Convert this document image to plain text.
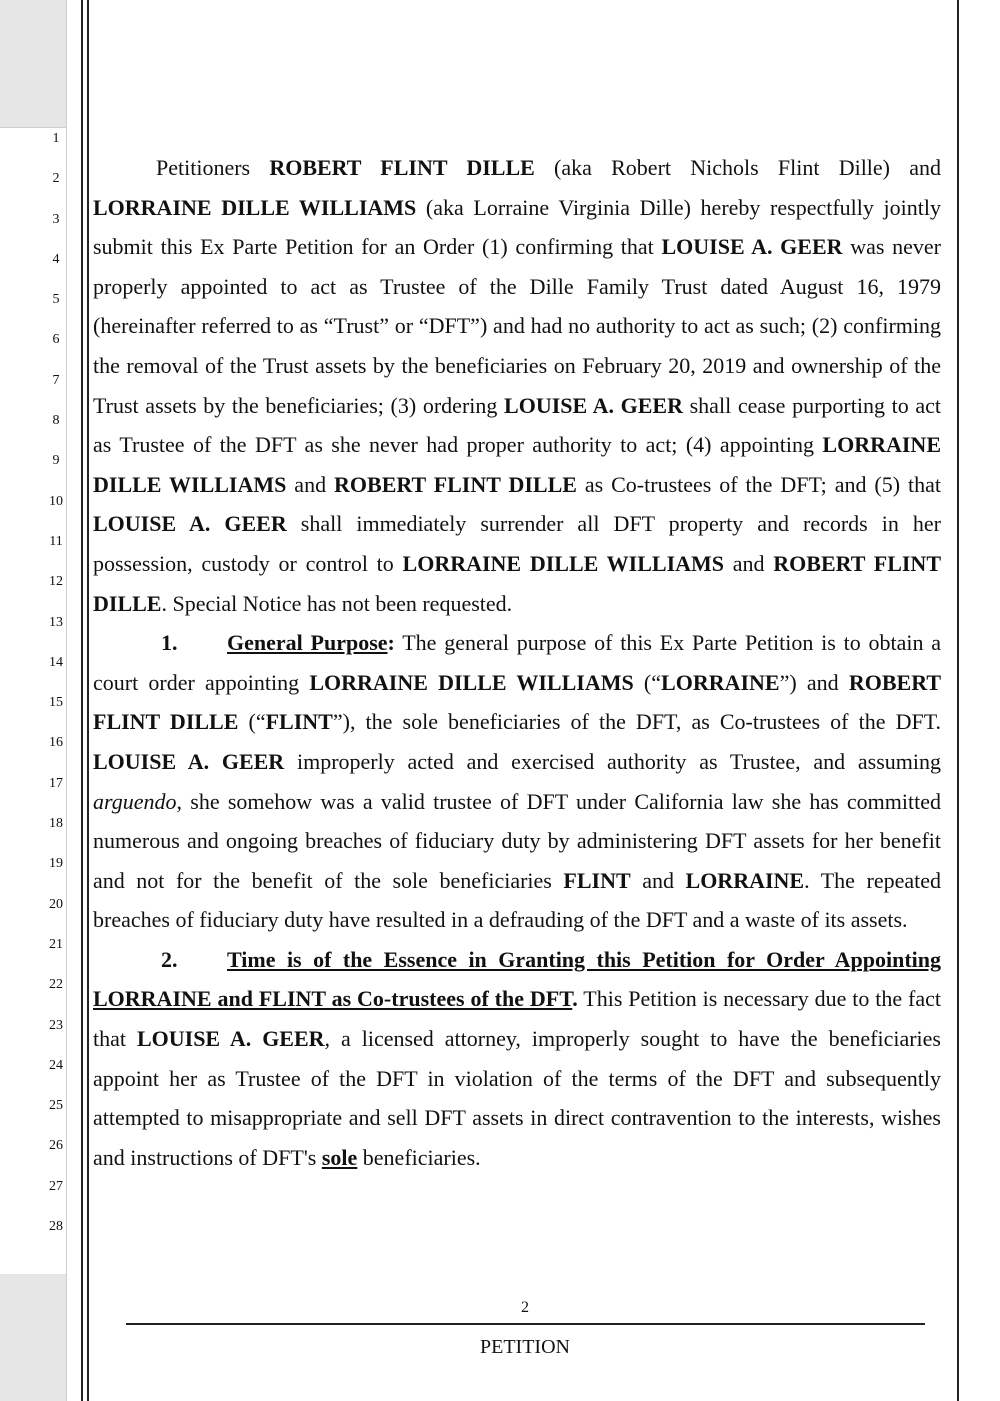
1
2
3
4
5
6
7
8
9
10
11
12
13
14
15
16
17
18
19
20
21
22
23
24
25
26
27
28

Petitioners ROBERT FLINT DILLE (aka Robert Nichols Flint Dille) and LORRAINE DILLE WILLIAMS (aka Lorraine Virginia Dille) hereby respectfully jointly submit this Ex Parte Petition for an Order (1) confirming that LOUISE A. GEER was never properly appointed to act as Trustee of the Dille Family Trust dated August 16, 1979 (hereinafter referred to as “Trust” or “DFT”) and had no authority to act as such; (2) confirming the removal of the Trust assets by the beneficiaries on February 20, 2019 and ownership of the Trust assets by the beneficiaries; (3) ordering LOUISE A. GEER shall cease purporting to act as Trustee of the DFT as she never had proper authority to act; (4) appointing LORRAINE DILLE WILLIAMS and ROBERT FLINT DILLE as Co-trustees of the DFT; and (5) that LOUISE A. GEER shall immediately surrender all DFT property and records in her possession, custody or control to LORRAINE DILLE WILLIAMS and ROBERT FLINT DILLE. Special Notice has not been requested.

1. General Purpose: The general purpose of this Ex Parte Petition is to obtain a court order appointing LORRAINE DILLE WILLIAMS (“LORRAINE”) and ROBERT FLINT DILLE (“FLINT”), the sole beneficiaries of the DFT, as Co-trustees of the DFT. LOUISE A. GEER improperly acted and exercised authority as Trustee, and assuming arguendo, she somehow was a valid trustee of DFT under California law she has committed numerous and ongoing breaches of fiduciary duty by administering DFT assets for her benefit and not for the benefit of the sole beneficiaries FLINT and LORRAINE. The repeated breaches of fiduciary duty have resulted in a defrauding of the DFT and a waste of its assets.

2. Time is of the Essence in Granting this Petition for Order Appointing LORRAINE and FLINT as Co-trustees of the DFT. This Petition is necessary due to the fact that LOUISE A. GEER, a licensed attorney, improperly sought to have the beneficiaries appoint her as Trustee of the DFT in violation of the terms of the DFT and subsequently attempted to misappropriate and sell DFT assets in direct contravention to the interests, wishes and instructions of DFT's sole beneficiaries.

2
PETITION
